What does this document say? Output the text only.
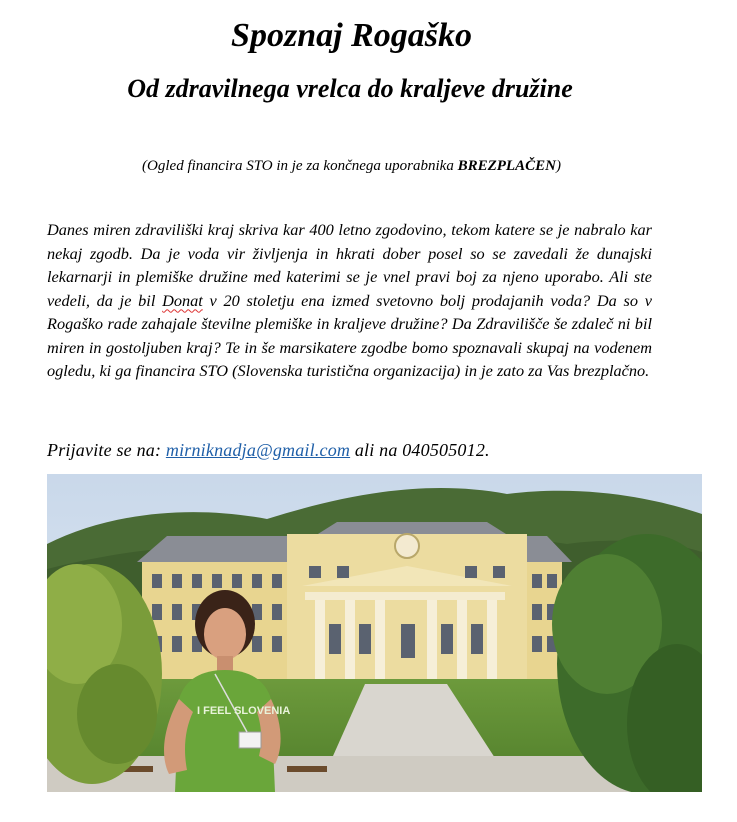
Spoznaj Rogaško
Od zdravilnega vrelca do kraljeve družine

(Ogled financira STO in je za končnega uporabnika BREZPLAČEN)

Danes miren zdraviliški kraj skriva kar 400 letno zgodovino, tekom katere se je nabralo kar nekaj zgodb. Da je voda vir življenja in hkrati dober posel so se zavedali že dunajski lekarnarji in plemiške družine med katerimi se je vnel pravi boj za njeno uporabo. Ali ste vedeli, da je bil Donat v 20 stoletju ena izmed svetovno bolj prodajanih voda? Da so v Rogaško rade zahajale številne plemiške in kraljeve družine? Da Zdravilišče še zdaleč ni bil miren in gostoljuben kraj? Te in še marsikatere zgodbe bomo spoznavali skupaj na vodenem ogledu, ki ga financira STO (Slovenska turistična organizacija) in je zato za Vas brezplačno.

Prijavite se na: mirniknadja@gmail.com ali na 040505012.

I FEEL SLOVENIA
